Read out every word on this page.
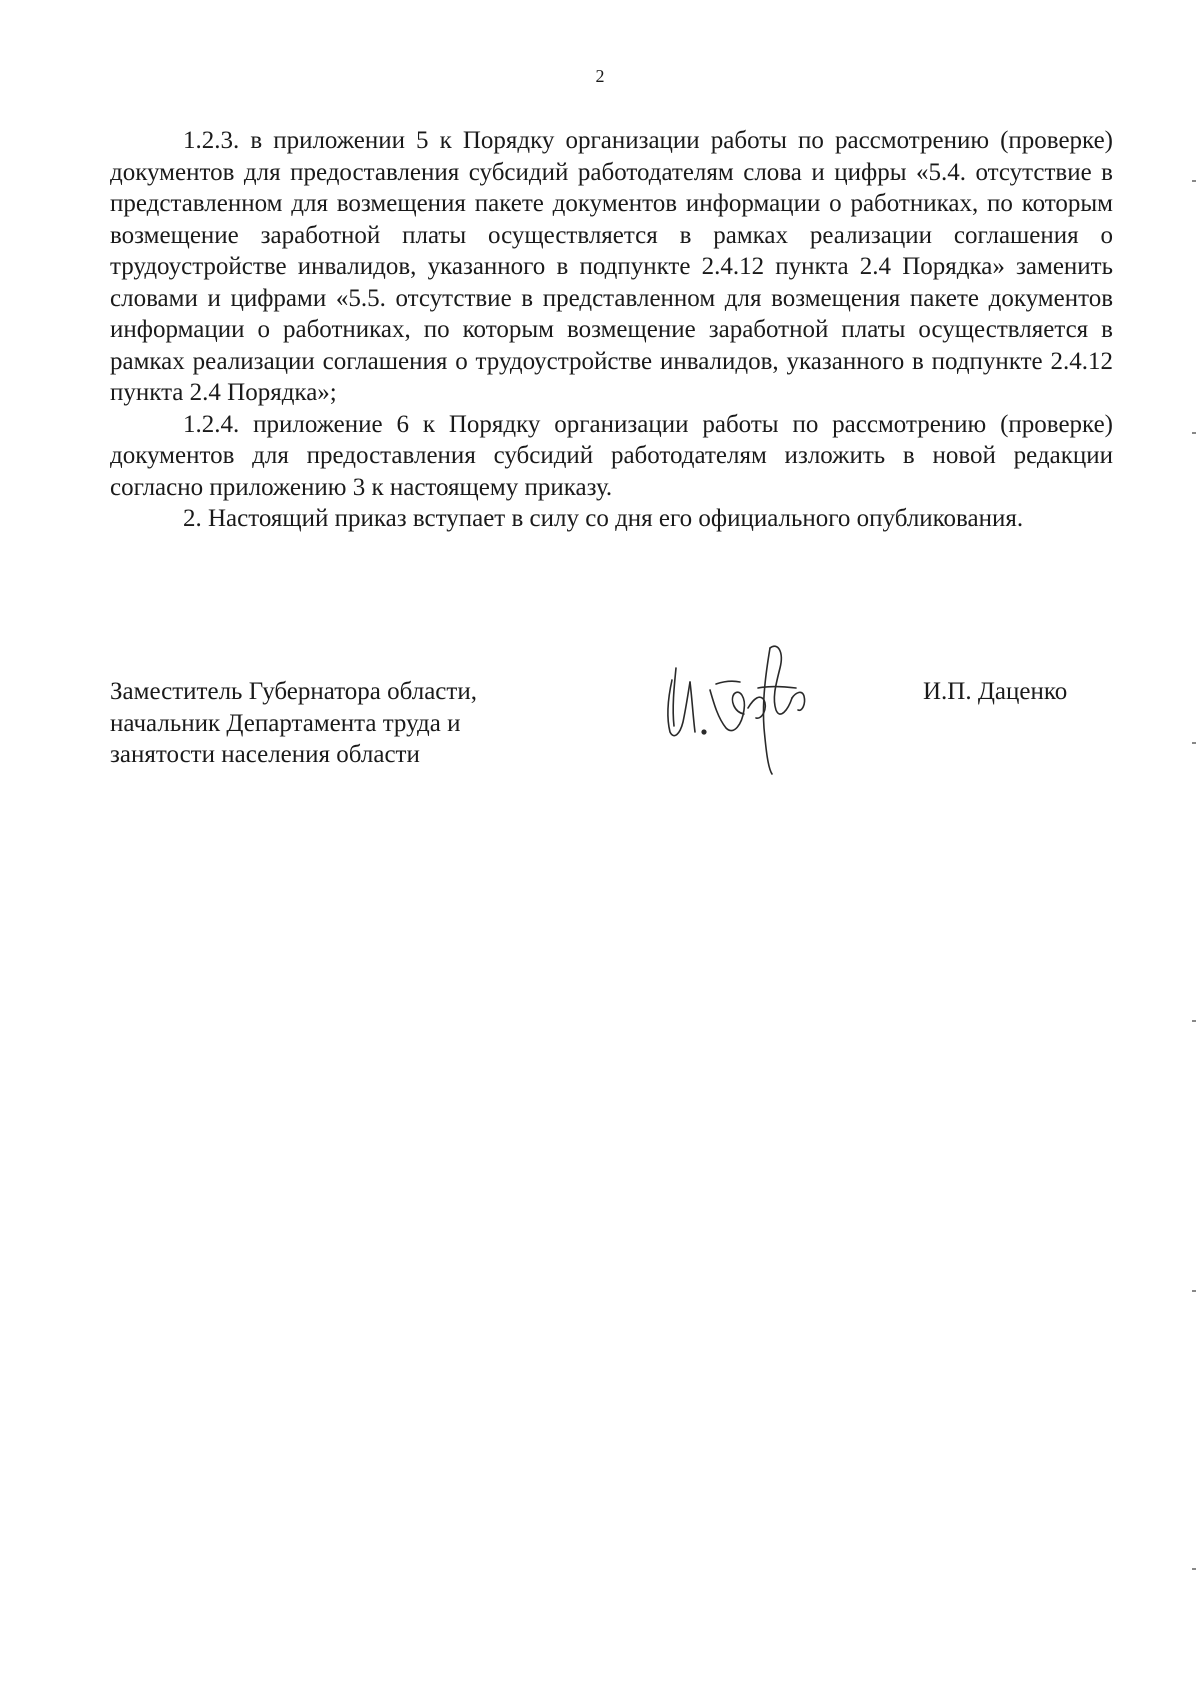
2

1.2.3. в приложении 5 к Порядку организации работы по рассмотрению (проверке) документов для предоставления субсидий работодателям слова и цифры «5.4. отсутствие в представленном для возмещения пакете документов информации о работниках, по которым возмещение заработной платы осуществляется в рамках реализации соглашения о трудоустройстве инвалидов, указанного в подпункте 2.4.12 пункта 2.4 Порядка» заменить словами и цифрами «5.5. отсутствие в представленном для возмещения пакете документов информации о работниках, по которым возмещение заработной платы осуществляется в рамках реализации соглашения о трудоустройстве инвалидов, указанного в подпункте 2.4.12 пункта 2.4 Порядка»;

1.2.4. приложение 6 к Порядку организации работы по рассмотрению (проверке) документов для предоставления субсидий работодателям изложить в новой редакции согласно приложению 3 к настоящему приказу.

2. Настоящий приказ вступает в силу со дня его официального опубликования.

Заместитель Губернатора области,
начальник Департамента труда и
занятости населения области
И.П. Даценко
